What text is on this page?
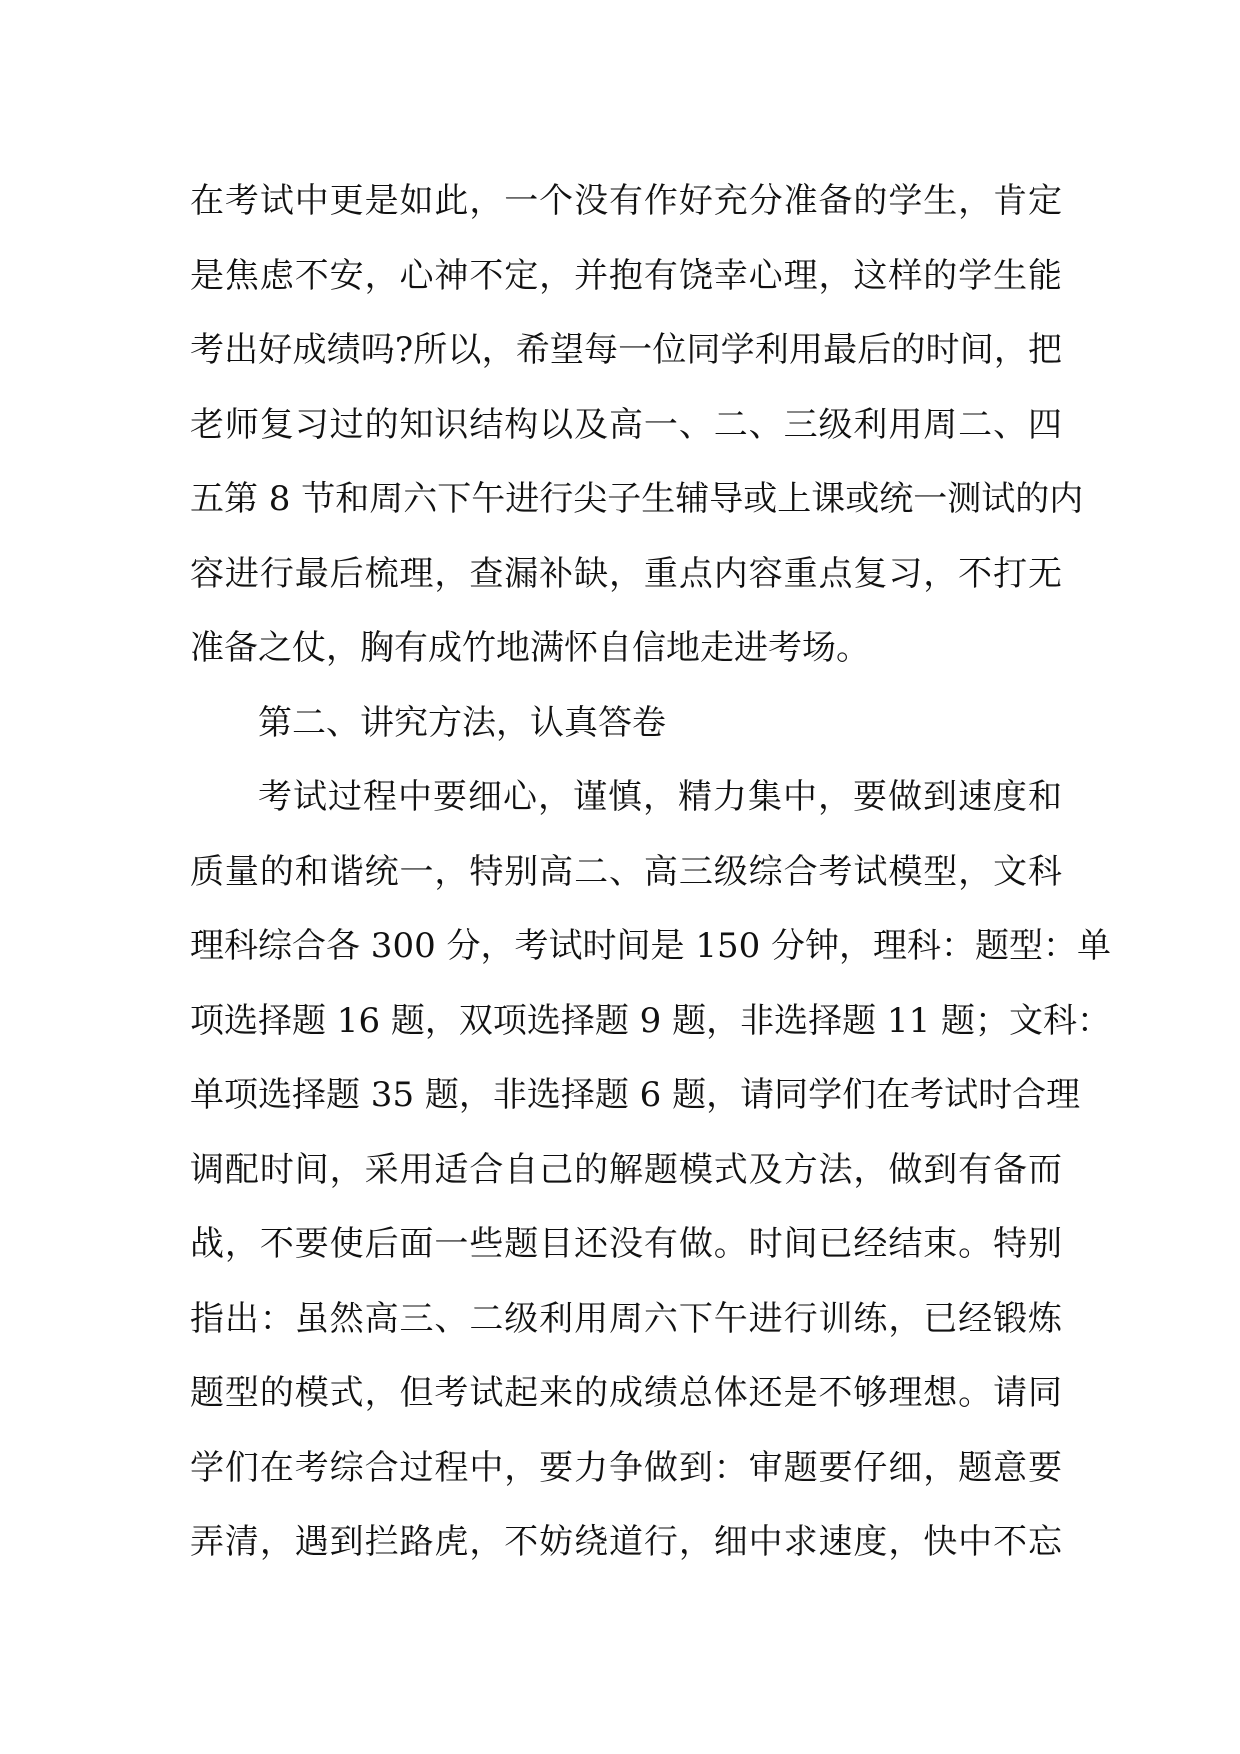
在考试中更是如此，一个没有作好充分准备的学生，肯定
是焦虑不安，心神不定，并抱有饶幸心理，这样的学生能
考出好成绩吗?所以，希望每一位同学利用最后的时间，把
老师复习过的知识结构以及高一、二、三级利用周二、四
五第 8 节和周六下午进行尖子生辅导或上课或统一测试的内
容进行最后梳理，查漏补缺，重点内容重点复习，不打无
准备之仗，胸有成竹地满怀自信地走进考场。
第二、讲究方法，认真答卷
考试过程中要细心，谨慎，精力集中，要做到速度和
质量的和谐统一，特别高二、高三级综合考试模型，文科
理科综合各 300 分，考试时间是 150 分钟，理科：题型：单
项选择题 16 题，双项选择题 9 题，非选择题 11 题；文科：
单项选择题 35 题，非选择题 6 题，请同学们在考试时合理
调配时间，采用适合自己的解题模式及方法，做到有备而
战，不要使后面一些题目还没有做。时间已经结束。特别
指出：虽然高三、二级利用周六下午进行训练，已经锻炼
题型的模式，但考试起来的成绩总体还是不够理想。请同
学们在考综合过程中，要力争做到：审题要仔细，题意要
弄清，遇到拦路虎，不妨绕道行，细中求速度，快中不忘
